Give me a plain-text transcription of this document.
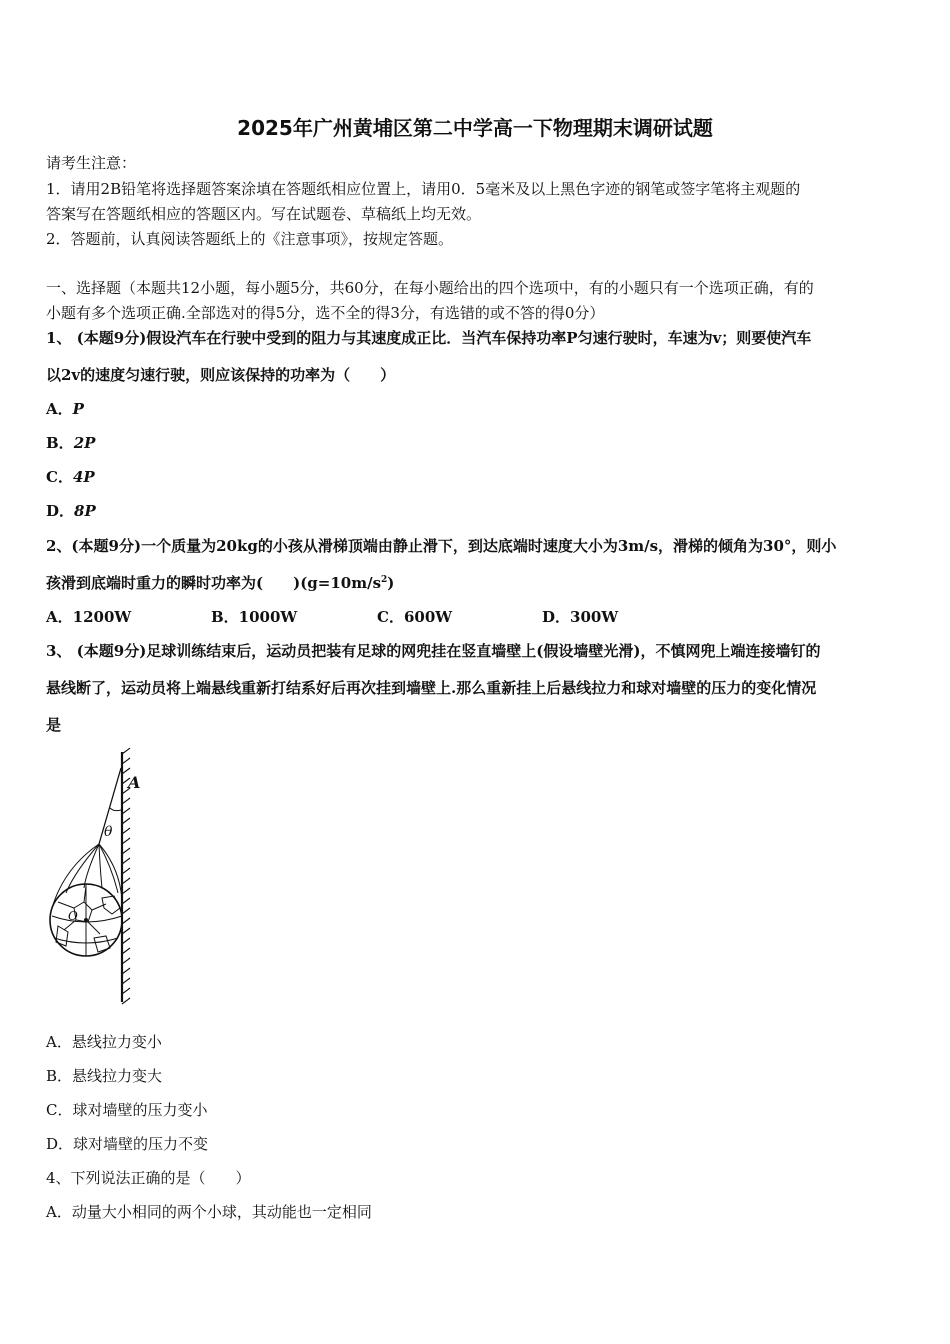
2025年广州黄埔区第二中学高一下物理期末调研试题
请考生注意：
1．请用2B铅笔将选择题答案涂填在答题纸相应位置上，请用0．5毫米及以上黑色字迹的钢笔或签字笔将主观题的
答案写在答题纸相应的答题区内。写在试题卷、草稿纸上均无效。
2．答题前，认真阅读答题纸上的《注意事项》，按规定答题。
一、选择题（本题共12小题，每小题5分，共60分，在每小题给出的四个选项中，有的小题只有一个选项正确，有的
小题有多个选项正确.全部选对的得5分，选不全的得3分，有选错的或不答的得0分）
1、 (本题9分)假设汽车在行驶中受到的阻力与其速度成正比．当汽车保持功率P匀速行驶时，车速为v；则要使汽车
以2v的速度匀速行驶，则应该保持的功率为（　　）
A．P
B．2P
C．4P
D．8P
2、(本题9分)一个质量为20kg的小孩从滑梯顶端由静止滑下，到达底端时速度大小为3m/s，滑梯的倾角为30°，则小
孩滑到底端时重力的瞬时功率为(　　)$(g=10m/s^2)$
A．1200W	B．1000W	C．600W	D．300W
3、 (本题9分)足球训练结束后，运动员把装有足球的网兜挂在竖直墙壁上(假设墙壁光滑)，不慎网兜上端连接墙钉的
悬线断了，运动员将上端悬线重新打结系好后再次挂到墙壁上.那么重新挂上后悬线拉力和球对墙壁的压力的变化情况
是
A
θ
O
A．悬线拉力变小
B．悬线拉力变大
C．球对墙壁的压力变小
D．球对墙壁的压力不变
4、下列说法正确的是（　　）
A．动量大小相同的两个小球，其动能也一定相同
